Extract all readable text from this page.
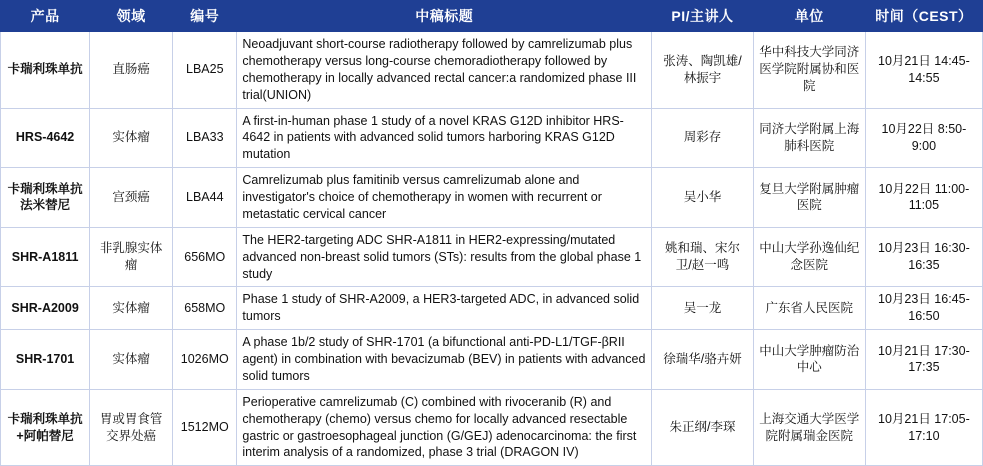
产品	领域	编号	中稿标题	PI/主讲人	单位	时间（CEST）
卡瑞利珠单抗	直肠癌	LBA25	Neoadjuvant short-course radiotherapy followed by camrelizumab plus chemotherapy versus long-course chemoradiotherapy followed by chemotherapy in locally advanced rectal cancer:a randomized phase III trial(UNION)	张涛、陶凯雄/林振宇	华中科技大学同济医学院附属协和医院	10月21日 14:45-14:55
HRS-4642	实体瘤	LBA33	A first-in-human phase 1 study of a novel KRAS G12D inhibitor HRS-4642 in patients with advanced solid tumors harboring KRAS G12D mutation	周彩存	同济大学附属上海肺科医院	10月22日 8:50-9:00
卡瑞利珠单抗法米替尼	宫颈癌	LBA44	Camrelizumab plus famitinib versus camrelizumab alone and investigator's choice of chemotherapy in women with recurrent or metastatic cervical cancer	吴小华	复旦大学附属肿瘤医院	10月22日 11:00-11:05
SHR-A1811	非乳腺实体瘤	656MO	The HER2-targeting ADC SHR-A1811 in HER2-expressing/mutated advanced non-breast solid tumors (STs): results from the global phase 1 study	姚和瑞、宋尔卫/赵一鸣	中山大学孙逸仙纪念医院	10月23日 16:30-16:35
SHR-A2009	实体瘤	658MO	Phase 1 study of SHR-A2009, a HER3-targeted ADC, in advanced solid tumors	吴一龙	广东省人民医院	10月23日 16:45-16:50
SHR-1701	实体瘤	1026MO	A phase 1b/2 study of SHR-1701 (a bifunctional anti-PD-L1/TGF-βRII agent) in combination with bevacizumab (BEV) in patients with advanced solid tumors	徐瑞华/骆卉妍	中山大学肿瘤防治中心	10月21日 17:30-17:35
卡瑞利珠单抗+阿帕替尼	胃或胃食管交界处癌	1512MO	Perioperative camrelizumab (C) combined with rivoceranib (R) and chemotherapy (chemo) versus chemo for locally advanced resectable gastric or gastroesophageal junction (G/GEJ) adenocarcinoma: the first interim analysis of a randomized, phase 3 trial (DRAGON IV)	朱正纲/李琛	上海交通大学医学院附属瑞金医院	10月21日 17:05-17:10
